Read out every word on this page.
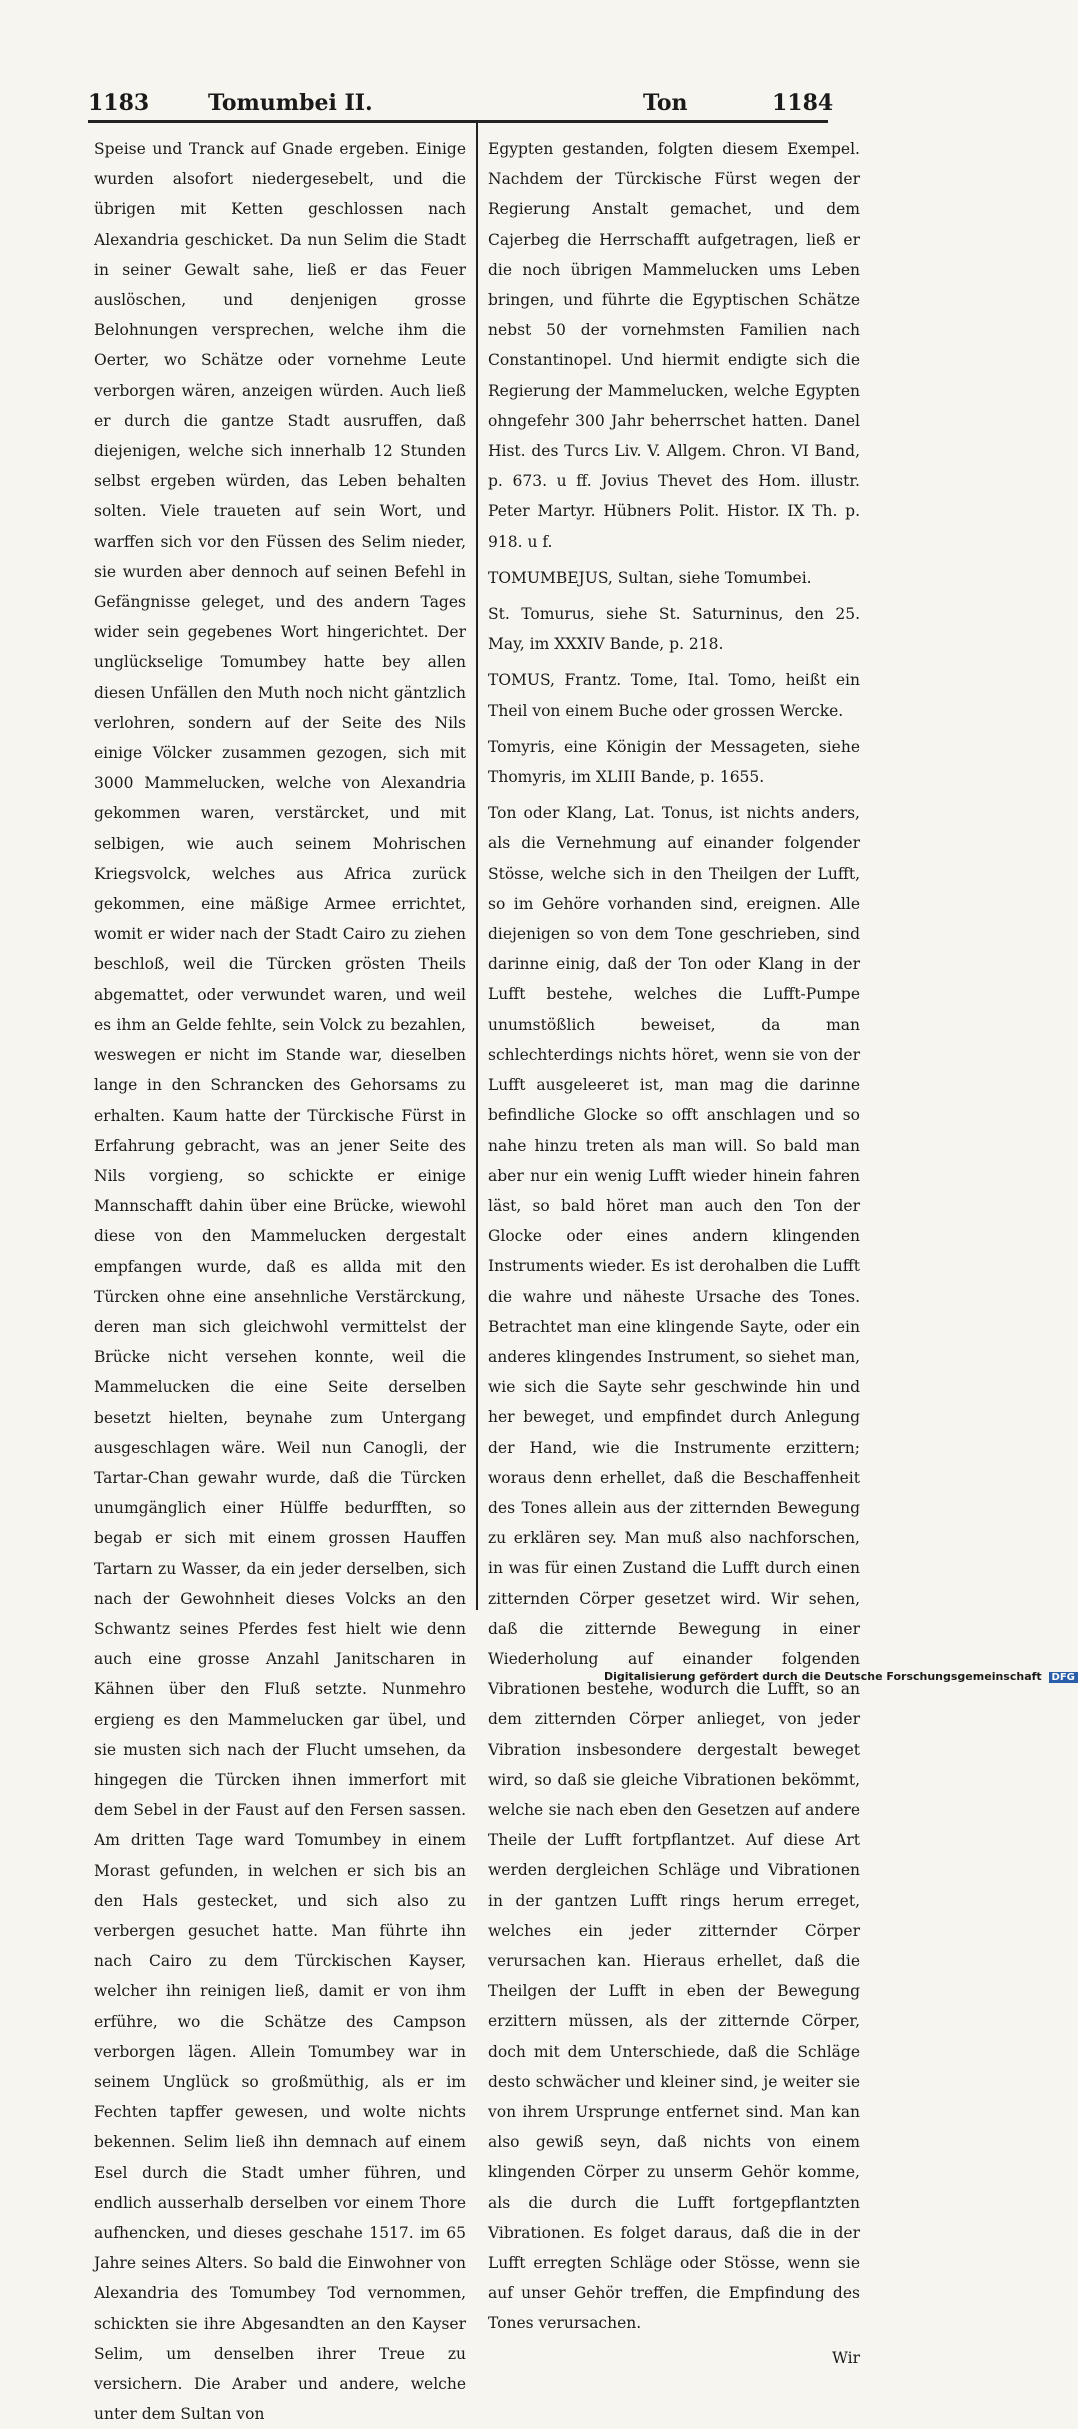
1183	Tomumbei II.	Ton	1184

Speise und Tranck auf Gnade ergeben. Einige wurden alsofort niedergesebelt, und die übrigen mit Ketten geschlossen nach Alexandria geschicket. Da nun Selim die Stadt in seiner Gewalt sahe, ließ er das Feuer auslöschen, und denjenigen grosse Belohnungen versprechen, welche ihm die Oerter, wo Schätze oder vornehme Leute verborgen wären, anzeigen würden. Auch ließ er durch die gantze Stadt ausruffen, daß diejenigen, welche sich innerhalb 12 Stunden selbst ergeben würden, das Leben behalten solten. Viele traueten auf sein Wort, und warffen sich vor den Füssen des Selim nieder, sie wurden aber dennoch auf seinen Befehl in Gefängnisse geleget, und des andern Tages wider sein gegebenes Wort hingerichtet. Der unglückselige Tomumbey hatte bey allen diesen Unfällen den Muth noch nicht gäntzlich verlohren, sondern auf der Seite des Nils einige Völcker zusammen gezogen, sich mit 3000 Mammelucken, welche von Alexandria gekommen waren, verstärcket, und mit selbigen, wie auch seinem Mohrischen Kriegsvolck, welches aus Africa zurück gekommen, eine mäßige Armee errichtet, womit er wider nach der Stadt Cairo zu ziehen beschloß, weil die Türcken grösten Theils abgemattet, oder verwundet waren, und weil es ihm an Gelde fehlte, sein Volck zu bezahlen, weswegen er nicht im Stande war, dieselben lange in den Schrancken des Gehorsams zu erhalten. Kaum hatte der Türckische Fürst in Erfahrung gebracht, was an jener Seite des Nils vorgieng, so schickte er einige Mannschafft dahin über eine Brücke, wiewohl diese von den Mammelucken dergestalt empfangen wurde, daß es allda mit den Türcken ohne eine ansehnliche Verstärckung, deren man sich gleichwohl vermittelst der Brücke nicht versehen konnte, weil die Mammelucken die eine Seite derselben besetzt hielten, beynahe zum Untergang ausgeschlagen wäre. Weil nun Canogli, der Tartar-Chan gewahr wurde, daß die Türcken unumgänglich einer Hülffe bedurfften, so begab er sich mit einem grossen Hauffen Tartarn zu Wasser, da ein jeder derselben, sich nach der Gewohnheit dieses Volcks an den Schwantz seines Pferdes fest hielt wie denn auch eine grosse Anzahl Janitscharen in Kähnen über den Fluß setzte. Nunmehro ergieng es den Mammelucken gar übel, und sie musten sich nach der Flucht umsehen, da hingegen die Türcken ihnen immerfort mit dem Sebel in der Faust auf den Fersen sassen. Am dritten Tage ward Tomumbey in einem Morast gefunden, in welchen er sich bis an den Hals gestecket, und sich also zu verbergen gesuchet hatte. Man führte ihn nach Cairo zu dem Türckischen Kayser, welcher ihn reinigen ließ, damit er von ihm erführe, wo die Schätze des Campson verborgen lägen. Allein Tomumbey war in seinem Unglück so großmüthig, als er im Fechten tapffer gewesen, und wolte nichts bekennen. Selim ließ ihn demnach auf einem Esel durch die Stadt umher führen, und endlich ausserhalb derselben vor einem Thore aufhencken, und dieses geschahe 1517. im 65 Jahre seines Alters. So bald die Einwohner von Alexandria des Tomumbey Tod vernommen, schickten sie ihre Abgesandten an den Kayser Selim, um denselben ihrer Treue zu versichern. Die Araber und andere, welche unter dem Sultan von

Egypten gestanden, folgten diesem Exempel. Nachdem der Türckische Fürst wegen der Regierung Anstalt gemachet, und dem Cajerbeg die Herrschafft aufgetragen, ließ er die noch übrigen Mammelucken ums Leben bringen, und führte die Egyptischen Schätze nebst 50 der vornehmsten Familien nach Constantinopel. Und hiermit endigte sich die Regierung der Mammelucken, welche Egypten ohngefehr 300 Jahr beherrschet hatten. Danel Hist. des Turcs Liv. V. Allgem. Chron. VI Band, p. 673. u ff. Jovius Thevet des Hom. illustr. Peter Martyr. Hübners Polit. Histor. IX Th. p. 918. u f.

TOMUMBEJUS, Sultan, siehe Tomumbei.

St. Tomurus, siehe St. Saturninus, den 25. May, im XXXIV Bande, p. 218.

TOMUS, Frantz. Tome, Ital. Tomo, heißt ein Theil von einem Buche oder grossen Wercke.

Tomyris, eine Königin der Messageten, siehe Thomyris, im XLIII Bande, p. 1655.

Ton oder Klang, Lat. Tonus, ist nichts anders, als die Vernehmung auf einander folgender Stösse, welche sich in den Theilgen der Lufft, so im Gehöre vorhanden sind, ereignen. Alle diejenigen so von dem Tone geschrieben, sind darinne einig, daß der Ton oder Klang in der Lufft bestehe, welches die Lufft-Pumpe unumstößlich beweiset, da man schlechterdings nichts höret, wenn sie von der Lufft ausgeleeret ist, man mag die darinne befindliche Glocke so offt anschlagen und so nahe hinzu treten als man will. So bald man aber nur ein wenig Lufft wieder hinein fahren läst, so bald höret man auch den Ton der Glocke oder eines andern klingenden Instruments wieder. Es ist derohalben die Lufft die wahre und näheste Ursache des Tones. Betrachtet man eine klingende Sayte, oder ein anderes klingendes Instrument, so siehet man, wie sich die Sayte sehr geschwinde hin und her beweget, und empfindet durch Anlegung der Hand, wie die Instrumente erzittern; woraus denn erhellet, daß die Beschaffenheit des Tones allein aus der zitternden Bewegung zu erklären sey. Man muß also nachforschen, in was für einen Zustand die Lufft durch einen zitternden Cörper gesetzet wird. Wir sehen, daß die zitternde Bewegung in einer Wiederholung auf einander folgenden Vibrationen bestehe, wodurch die Lufft, so an dem zitternden Cörper anlieget, von jeder Vibration insbesondere dergestalt beweget wird, so daß sie gleiche Vibrationen bekömmt, welche sie nach eben den Gesetzen auf andere Theile der Lufft fortpflantzet. Auf diese Art werden dergleichen Schläge und Vibrationen in der gantzen Lufft rings herum erreget, welches ein jeder zitternder Cörper verursachen kan. Hieraus erhellet, daß die Theilgen der Lufft in eben der Bewegung erzittern müssen, als der zitternde Cörper, doch mit dem Unterschiede, daß die Schläge desto schwächer und kleiner sind, je weiter sie von ihrem Ursprunge entfernet sind. Man kan also gewiß seyn, daß nichts von einem klingenden Cörper zu unserm Gehör komme, als die durch die Lufft fortgepflantzten Vibrationen. Es folget daraus, daß die in der Lufft erregten Schläge oder Stösse, wenn sie auf unser Gehör treffen, die Empfindung des Tones verursachen.

Wir

Digitalisierung gefördert durch die Deutsche Forschungsgemeinschaft DFG
